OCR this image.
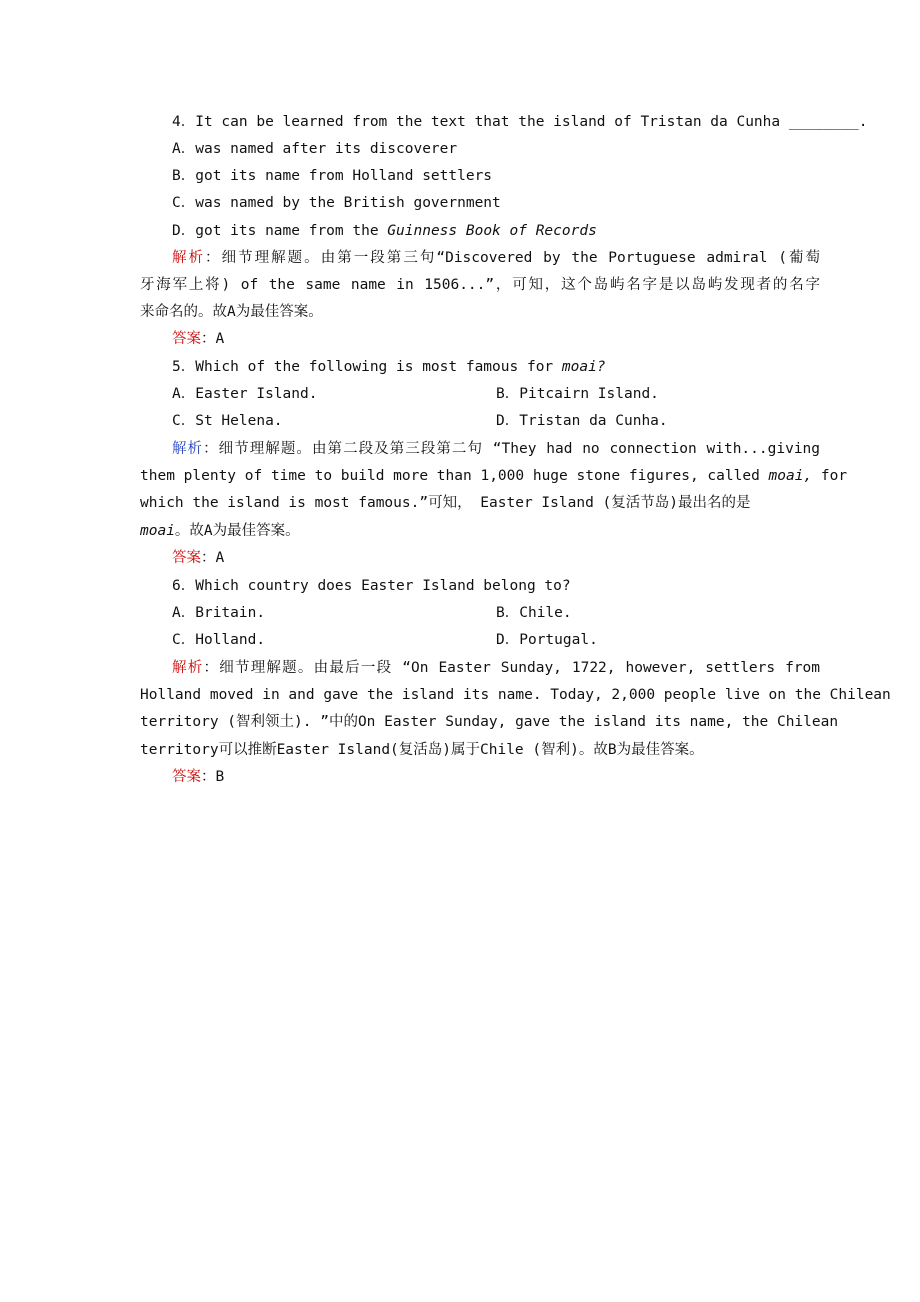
4．It can be learned from the text that the island of Tristan da Cunha ________.
A．was named after its discoverer
B．got its name from Holland settlers
C．was named by the British government
D．got its name from the Guinness Book of Records
解析：细节理解题。由第一段第三句“Discovered by the Portuguese admiral (葡萄
牙海军上将) of the same name in 1506...”，可知，这个岛屿名字是以岛屿发现者的名字
来命名的。故A为最佳答案。
答案：A
5．Which of the following is most famous for moai?
A．Easter Island.	B．Pitcairn Island.
C．St Helena.	D．Tristan da Cunha.
解析：细节理解题。由第二段及第三段第二句 “They had no connection with...giving
them plenty of time to build more than 1,000 huge stone figures, called moai, for
which the island is most famous.”可知， Easter Island (复活节岛)最出名的是
moai。故A为最佳答案。
答案：A
6．Which country does Easter Island belong to?
A．Britain.	B．Chile.
C．Holland.	D．Portugal.
解析：细节理解题。由最后一段 “On Easter Sunday, 1722, however, settlers from
Holland moved in and gave the island its name. Today, 2,000 people live on the Chilean
territory (智利领土). ”中的On Easter Sunday, gave the island its name, the Chilean
territory可以推断Easter Island(复活岛)属于Chile (智利)。故B为最佳答案。
答案：B
